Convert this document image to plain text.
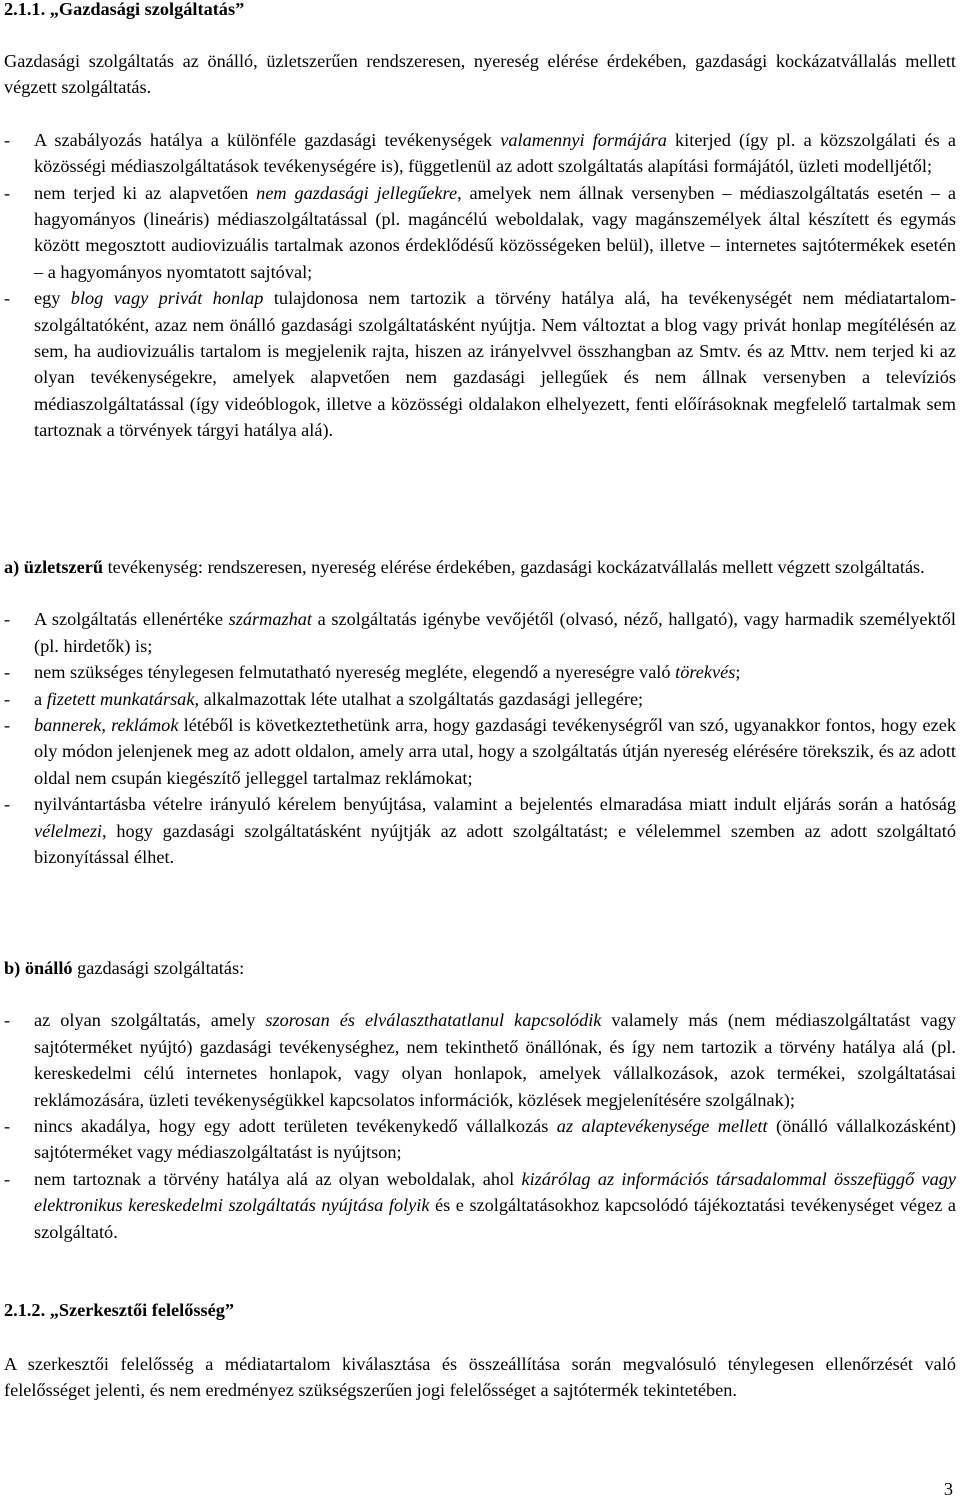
2.1.1. „Gazdasági szolgáltatás”

Gazdasági szolgáltatás az önálló, üzletszerűen rendszeresen, nyereség elérése érdekében, gazdasági kockázatvállalás mellett végzett szolgáltatás.

- A szabályozás hatálya a különféle gazdasági tevékenységek valamennyi formájára kiterjed (így pl. a közszolgálati és a közösségi médiaszolgáltatások tevékenységére is), függetlenül az adott szolgáltatás alapítási formájától, üzleti modelljétől;

- nem terjed ki az alapvetően nem gazdasági jellegűekre, amelyek nem állnak versenyben – médiaszolgáltatás esetén – a hagyományos (lineáris) médiaszolgáltatással (pl. magáncélú weboldalak, vagy magánszemélyek által készített és egymás között megosztott audiovizuális tartalmak azonos érdeklődésű közösségeken belül), illetve – internetes sajtótermékek esetén – a hagyományos nyomtatott sajtóval;

- egy blog vagy privát honlap tulajdonosa nem tartozik a törvény hatálya alá, ha tevékenységét nem médiatartalom-szolgáltatóként, azaz nem önálló gazdasági szolgáltatásként nyújtja. Nem változtat a blog vagy privát honlap megítélésén az sem, ha audiovizuális tartalom is megjelenik rajta, hiszen az irányelvvel összhangban az Smtv. és az Mttv. nem terjed ki az olyan tevékenységekre, amelyek alapvetően nem gazdasági jellegűek és nem állnak versenyben a televíziós médiaszolgáltatással (így videóblogok, illetve a közösségi oldalakon elhelyezett, fenti előírásoknak megfelelő tartalmak sem tartoznak a törvények tárgyi hatálya alá).

a) üzletszerű tevékenység: rendszeresen, nyereség elérése érdekében, gazdasági kockázatvállalás mellett végzett szolgáltatás.

- A szolgáltatás ellenértéke származhat a szolgáltatás igénybe vevőjétől (olvasó, néző, hallgató), vagy harmadik személyektől (pl. hirdetők) is;

- nem szükséges ténylegesen felmutatható nyereség megléte, elegendő a nyereségre való törekvés;

- a fizetett munkatársak, alkalmazottak léte utalhat a szolgáltatás gazdasági jellegére;

- bannerek, reklámok létéből is következtethetünk arra, hogy gazdasági tevékenységről van szó, ugyanakkor fontos, hogy ezek oly módon jelenjenek meg az adott oldalon, amely arra utal, hogy a szolgáltatás útján nyereség elérésére törekszik, és az adott oldal nem csupán kiegészítő jelleggel tartalmaz reklámokat;

- nyilvántartásba vételre irányuló kérelem benyújtása, valamint a bejelentés elmaradása miatt indult eljárás során a hatóság vélelmezi, hogy gazdasági szolgáltatásként nyújtják az adott szolgáltatást; e vélelemmel szemben az adott szolgáltató bizonyítással élhet.

b) önálló gazdasági szolgáltatás:

- az olyan szolgáltatás, amely szorosan és elválaszthatatlanul kapcsolódik valamely más (nem médiaszolgáltatást vagy sajtóterméket nyújtó) gazdasági tevékenységhez, nem tekinthető önállónak, és így nem tartozik a törvény hatálya alá (pl. kereskedelmi célú internetes honlapok, vagy olyan honlapok, amelyek vállalkozások, azok termékei, szolgáltatásai reklámozására, üzleti tevékenységükkel kapcsolatos információk, közlések megjelenítésére szolgálnak);

- nincs akadálya, hogy egy adott területen tevékenykedő vállalkozás az alaptevékenysége mellett (önálló vállalkozásként) sajtóterméket vagy médiaszolgáltatást is nyújtson;

- nem tartoznak a törvény hatálya alá az olyan weboldalak, ahol kizárólag az információs társadalommal összefüggő vagy elektronikus kereskedelmi szolgáltatás nyújtása folyik és e szolgáltatásokhoz kapcsolódó tájékoztatási tevékenységet végez a szolgáltató.

2.1.2. „Szerkesztői felelősség”

A szerkesztői felelősség a médiatartalom kiválasztása és összeállítása során megvalósuló ténylegesen ellenőrzését való felelősséget jelenti, és nem eredményez szükségszerűen jogi felelősséget a sajtótermék tekintetében.

3
